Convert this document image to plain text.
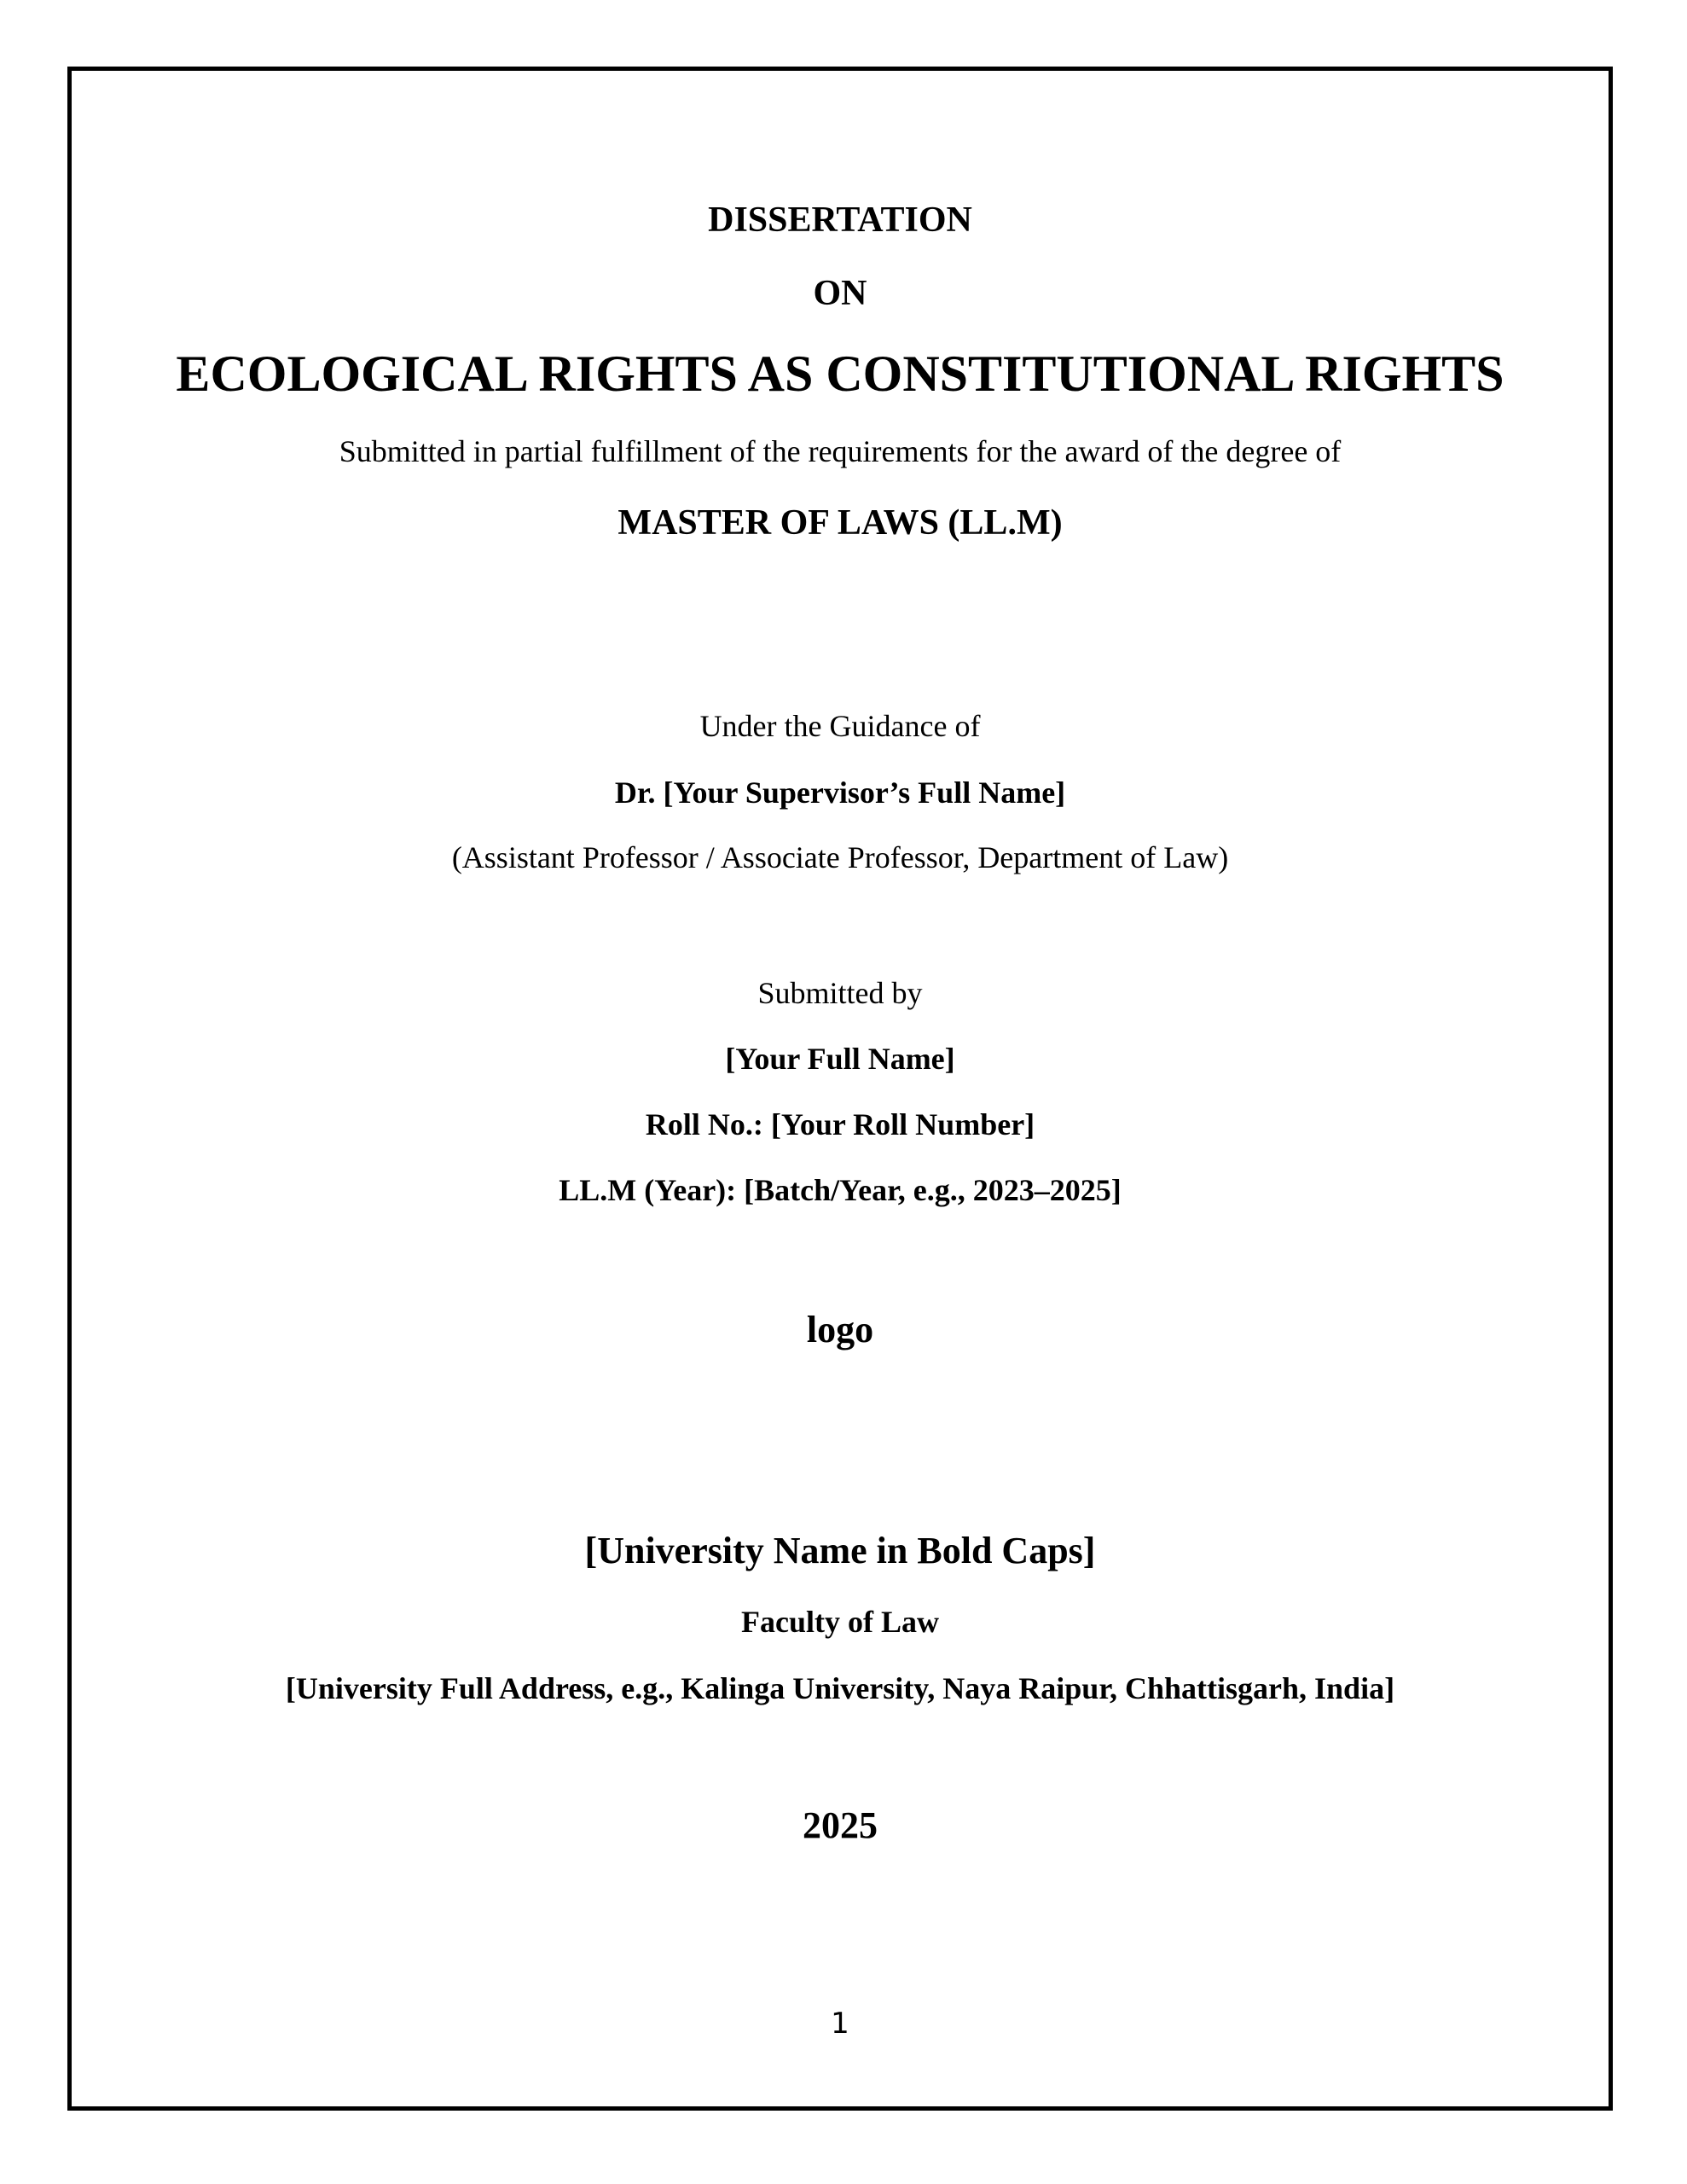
DISSERTATION
ON
ECOLOGICAL RIGHTS AS CONSTITUTIONAL RIGHTS
Submitted in partial fulfillment of the requirements for the award of the degree of
MASTER OF LAWS (LL.M)
Under the Guidance of
Dr. [Your Supervisor’s Full Name]
(Assistant Professor / Associate Professor, Department of Law)
Submitted by
[Your Full Name]
Roll No.: [Your Roll Number]
LL.M (Year): [Batch/Year, e.g., 2023–2025]
logo
[University Name in Bold Caps]
Faculty of Law
[University Full Address, e.g., Kalinga University, Naya Raipur, Chhattisgarh, India]
2025
1
